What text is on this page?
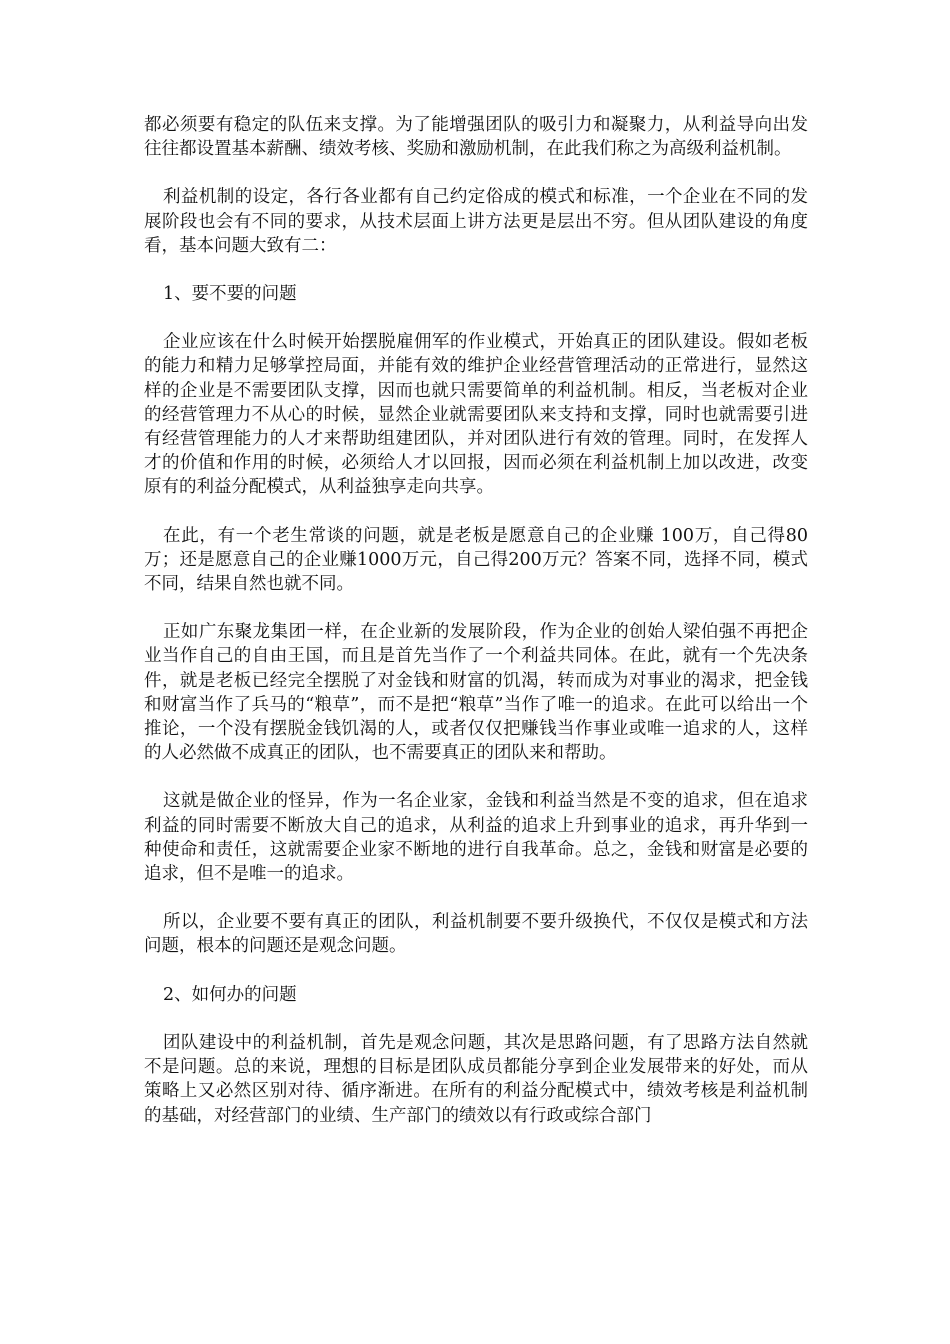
都必须要有稳定的队伍来支撑。为了能增强团队的吸引力和凝聚力，从利益导向出发往往都设置基本薪酬、绩效考核、奖励和激励机制，在此我们称之为高级利益机制。

利益机制的设定，各行各业都有自己约定俗成的模式和标准，一个企业在不同的发展阶段也会有不同的要求，从技术层面上讲方法更是层出不穷。但从团队建设的角度看，基本问题大致有二：

1、要不要的问题

企业应该在什么时候开始摆脱雇佣军的作业模式，开始真正的团队建设。假如老板的能力和精力足够掌控局面，并能有效的维护企业经营管理活动的正常进行，显然这样的企业是不需要团队支撑，因而也就只需要简单的利益机制。相反，当老板对企业的经营管理力不从心的时候，显然企业就需要团队来支持和支撑，同时也就需要引进有经营管理能力的人才来帮助组建团队，并对团队进行有效的管理。同时，在发挥人才的价值和作用的时候，必须给人才以回报，因而必须在利益机制上加以改进，改变原有的利益分配模式，从利益独享走向共享。

在此，有一个老生常谈的问题，就是老板是愿意自己的企业赚 100万，自己得80万；还是愿意自己的企业赚1000万元，自己得200万元？答案不同，选择不同，模式不同，结果自然也就不同。

正如广东聚龙集团一样，在企业新的发展阶段，作为企业的创始人梁伯强不再把企业当作自己的自由王国，而且是首先当作了一个利益共同体。在此，就有一个先决条件，就是老板已经完全摆脱了对金钱和财富的饥渴，转而成为对事业的渴求，把金钱和财富当作了兵马的“粮草”，而不是把“粮草”当作了唯一的追求。在此可以给出一个推论，一个没有摆脱金钱饥渴的人，或者仅仅把赚钱当作事业或唯一追求的人，这样的人必然做不成真正的团队，也不需要真正的团队来和帮助。

这就是做企业的怪异，作为一名企业家，金钱和利益当然是不变的追求，但在追求利益的同时需要不断放大自己的追求，从利益的追求上升到事业的追求，再升华到一种使命和责任，这就需要企业家不断地的进行自我革命。总之，金钱和财富是必要的追求，但不是唯一的追求。

所以，企业要不要有真正的团队，利益机制要不要升级换代，不仅仅是模式和方法问题，根本的问题还是观念问题。

2、如何办的问题

团队建设中的利益机制，首先是观念问题，其次是思路问题，有了思路方法自然就不是问题。总的来说，理想的目标是团队成员都能分享到企业发展带来的好处，而从策略上又必然区别对待、循序渐进。在所有的利益分配模式中，绩效考核是利益机制的基础，对经营部门的业绩、生产部门的绩效以有行政或综合部门
